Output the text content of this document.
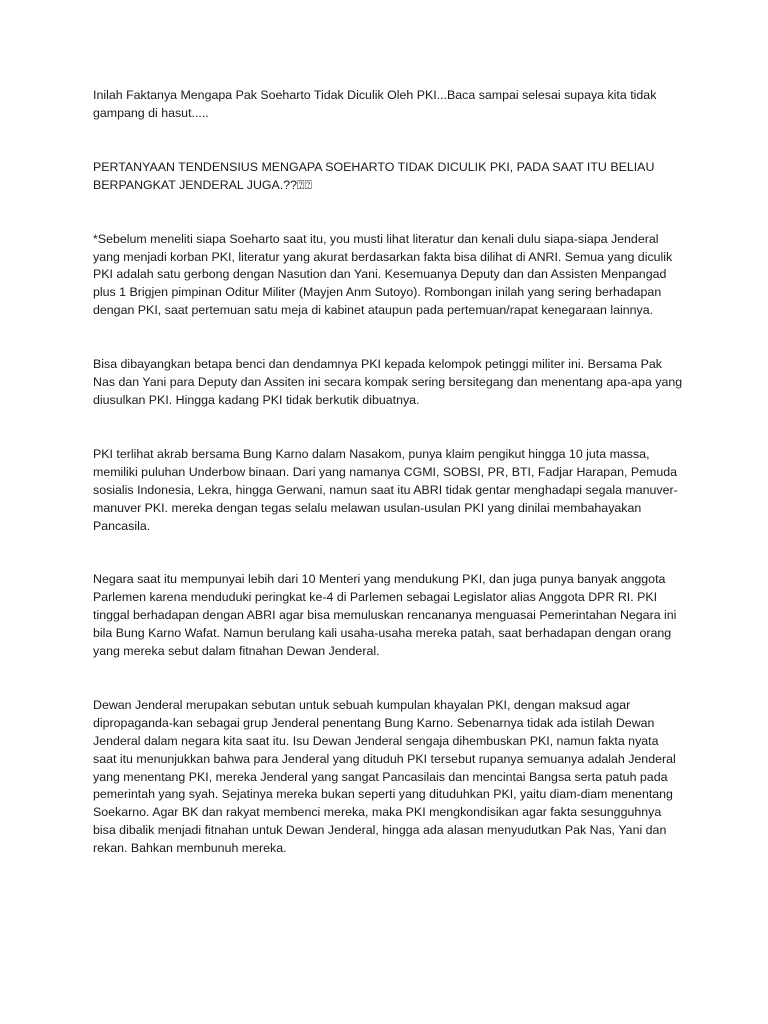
Inilah Faktanya Mengapa Pak Soeharto Tidak Diculik Oleh PKI...Baca sampai selesai supaya kita tidak gampang di hasut.....

PERTANYAAN TENDENSIUS MENGAPA SOEHARTO TIDAK DICULIK PKI, PADA SAAT ITU BELIAU BERPANGKAT JENDERAL JUGA.??⍰⍰

*Sebelum meneliti siapa Soeharto saat itu, you musti lihat literatur dan kenali dulu siapa-siapa Jenderal yang menjadi korban PKI, literatur yang akurat berdasarkan fakta bisa dilihat di ANRI. Semua yang diculik PKI adalah satu gerbong dengan Nasution dan Yani. Kesemuanya Deputy dan dan Assisten Menpangad plus 1 Brigjen pimpinan Oditur Militer (Mayjen Anm Sutoyo). Rombongan inilah yang sering berhadapan dengan PKI, saat pertemuan satu meja di kabinet ataupun pada pertemuan/rapat kenegaraan lainnya.

Bisa dibayangkan betapa benci dan dendamnya PKI kepada kelompok petinggi militer ini. Bersama Pak Nas dan Yani para Deputy dan Assiten ini secara kompak sering bersitegang dan menentang apa-apa yang diusulkan PKI. Hingga kadang PKI tidak berkutik dibuatnya.

PKI terlihat akrab bersama Bung Karno dalam Nasakom, punya klaim pengikut hingga 10 juta massa, memiliki puluhan Underbow binaan. Dari yang namanya CGMI, SOBSI, PR, BTI, Fadjar Harapan, Pemuda sosialis Indonesia, Lekra, hingga Gerwani, namun saat itu ABRI tidak gentar menghadapi segala manuver-manuver PKI. mereka dengan tegas selalu melawan usulan-usulan PKI yang dinilai membahayakan Pancasila.

Negara saat itu mempunyai lebih dari 10 Menteri yang mendukung PKI, dan juga punya banyak anggota Parlemen karena menduduki peringkat ke-4 di Parlemen sebagai Legislator alias Anggota DPR RI. PKI tinggal berhadapan dengan ABRI agar bisa memuluskan rencananya menguasai Pemerintahan Negara ini bila Bung Karno Wafat. Namun berulang kali usaha-usaha mereka patah, saat berhadapan dengan orang yang mereka sebut dalam fitnahan Dewan Jenderal.

Dewan Jenderal merupakan sebutan untuk sebuah kumpulan khayalan PKI, dengan maksud agar dipropaganda-kan sebagai grup Jenderal penentang Bung Karno. Sebenarnya tidak ada istilah Dewan Jenderal dalam negara kita saat itu. Isu Dewan Jenderal sengaja dihembuskan PKI, namun fakta nyata saat itu menunjukkan bahwa para Jenderal yang dituduh PKI tersebut rupanya semuanya adalah Jenderal yang menentang PKI, mereka Jenderal yang sangat Pancasilais dan mencintai Bangsa serta patuh pada pemerintah yang syah. Sejatinya mereka bukan seperti yang dituduhkan PKI, yaitu diam-diam menentang Soekarno. Agar BK dan rakyat membenci mereka, maka PKI mengkondisikan agar fakta sesungguhnya bisa dibalik menjadi fitnahan untuk Dewan Jenderal, hingga ada alasan menyudutkan Pak Nas, Yani dan rekan. Bahkan membunuh mereka.
